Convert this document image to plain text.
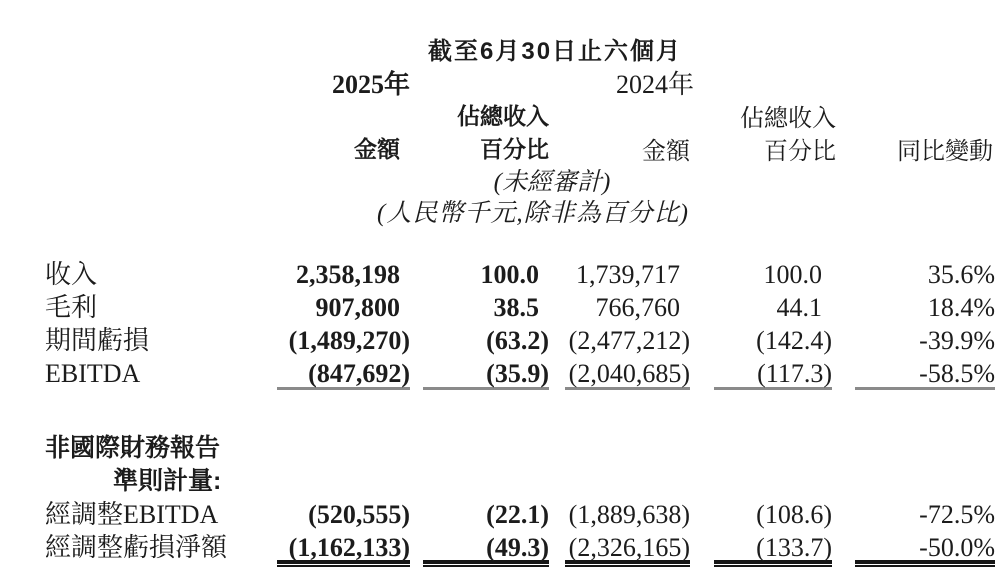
截至6月30日止六個月
2025年	2024年
佔總收入	佔總收入
金額	百分比	金額	百分比	同比變動
(未經審計)
(人民幣千元,除非為百分比)
收入	2,358,198	100.0	1,739,717	100.0	35.6%
毛利	907,800	38.5	766,760	44.1	18.4%
期間虧損	(1,489,270)	(63.2) (2,477,212)	(142.4)	-39.9%
EBITDA	(847,692)	(35.9) (2,040,685)	(117.3)	-58.5%
非國際財務報告
準則計量:
經調整EBITDA	(520,555)	(22.1) (1,889,638)	(108.6)	-72.5%
經調整虧損淨額	(1,162,133)	(49.3) (2,326,165)	(133.7)	-50.0%
